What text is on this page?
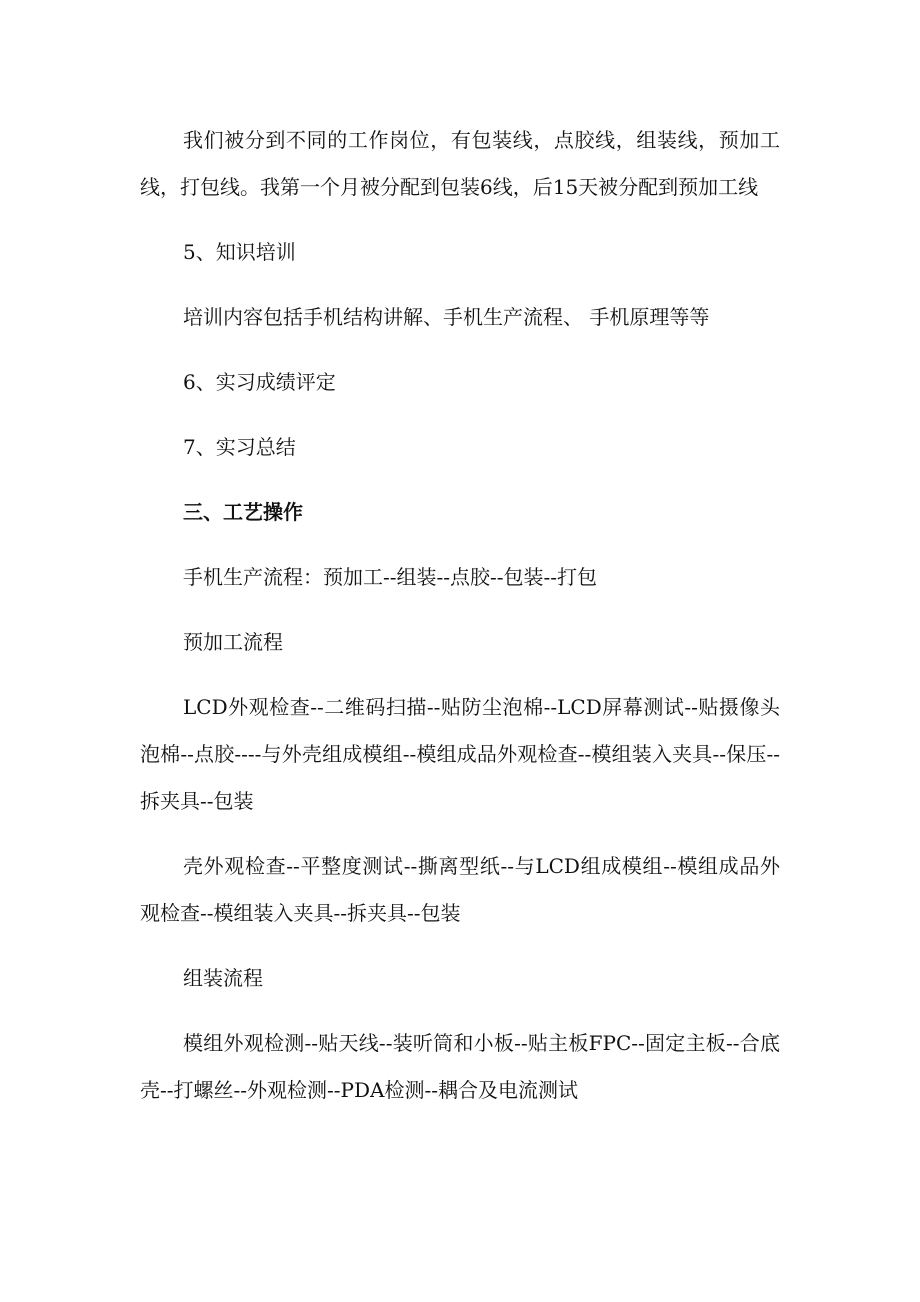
我们被分到不同的工作岗位，有包装线，点胶线，组装线，预加工线，打包线。我第一个月被分配到包装6线，后15天被分配到预加工线

5、知识培训

培训内容包括手机结构讲解、手机生产流程、 手机原理等等

6、实习成绩评定

7、实习总结

三、工艺操作

手机生产流程：预加工--组装--点胶--包装--打包

预加工流程

LCD外观检查--二维码扫描--贴防尘泡棉--LCD屏幕测试--贴摄像头泡棉--点胶----与外壳组成模组--模组成品外观检查--模组装入夹具--保压--拆夹具--包装

壳外观检查--平整度测试--撕离型纸--与LCD组成模组--模组成品外观检查--模组装入夹具--拆夹具--包装

组装流程

模组外观检测--贴天线--装听筒和小板--贴主板FPC--固定主板--合底壳--打螺丝--外观检测--PDA检测--耦合及电流测试
